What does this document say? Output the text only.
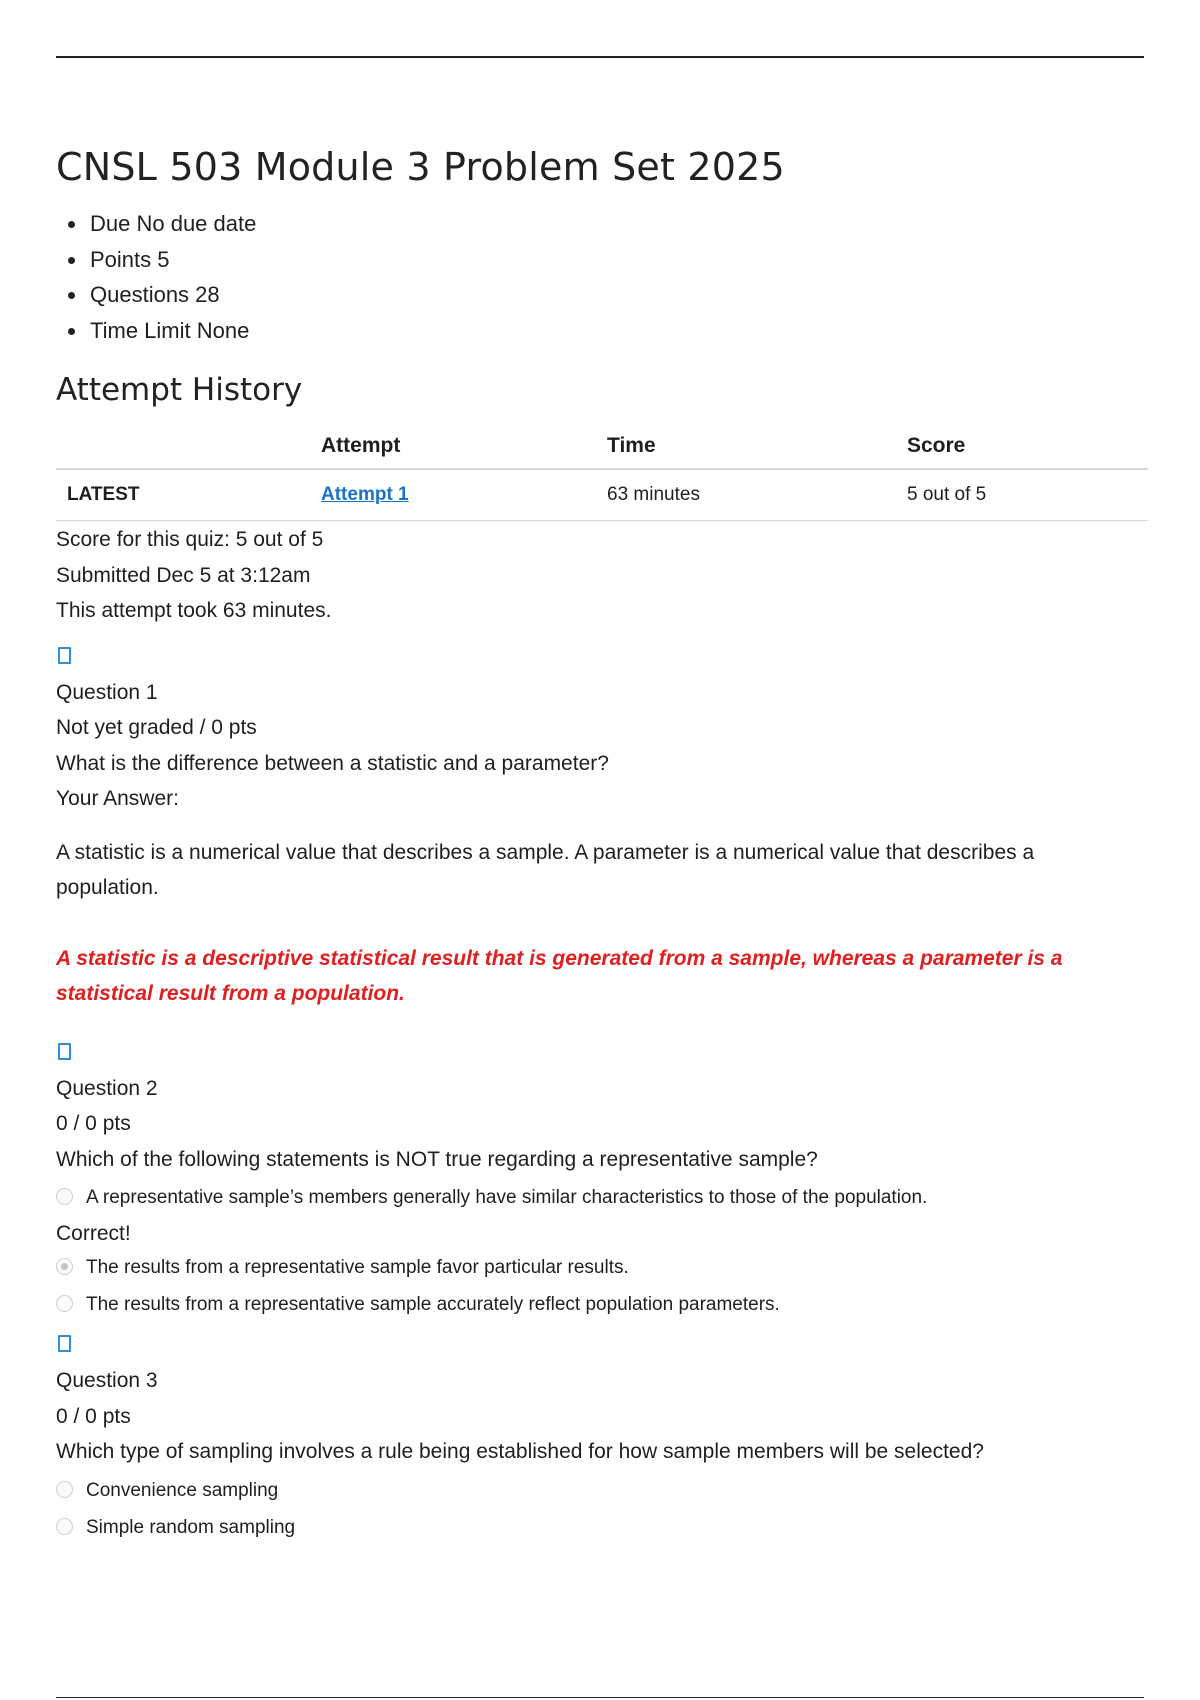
CNSL 503 Module 3 Problem Set 2025
Due No due date
Points 5
Questions 28
Time Limit None
Attempt History
	Attempt	Time	Score
LATEST	Attempt 1	63 minutes	5 out of 5

Score for this quiz: 5 out of 5

Submitted Dec 5 at 3:12am

This attempt took 63 minutes.

Question 1

Not yet graded / 0 pts

What is the difference between a statistic and a parameter?

Your Answer:

A statistic is a numerical value that describes a sample. A parameter is a numerical value that describes a population.

A statistic is a descriptive statistical result that is generated from a sample, whereas a parameter is a statistical result from a population.

Question 2

0 / 0 pts

Which of the following statements is NOT true regarding a representative sample?

A representative sample’s members generally have similar characteristics to those of the population.
Correct!
The results from a representative sample favor particular results.
The results from a representative sample accurately reflect population parameters.

Question 3

0 / 0 pts

Which type of sampling involves a rule being established for how sample members will be selected?

Convenience sampling
Simple random sampling
